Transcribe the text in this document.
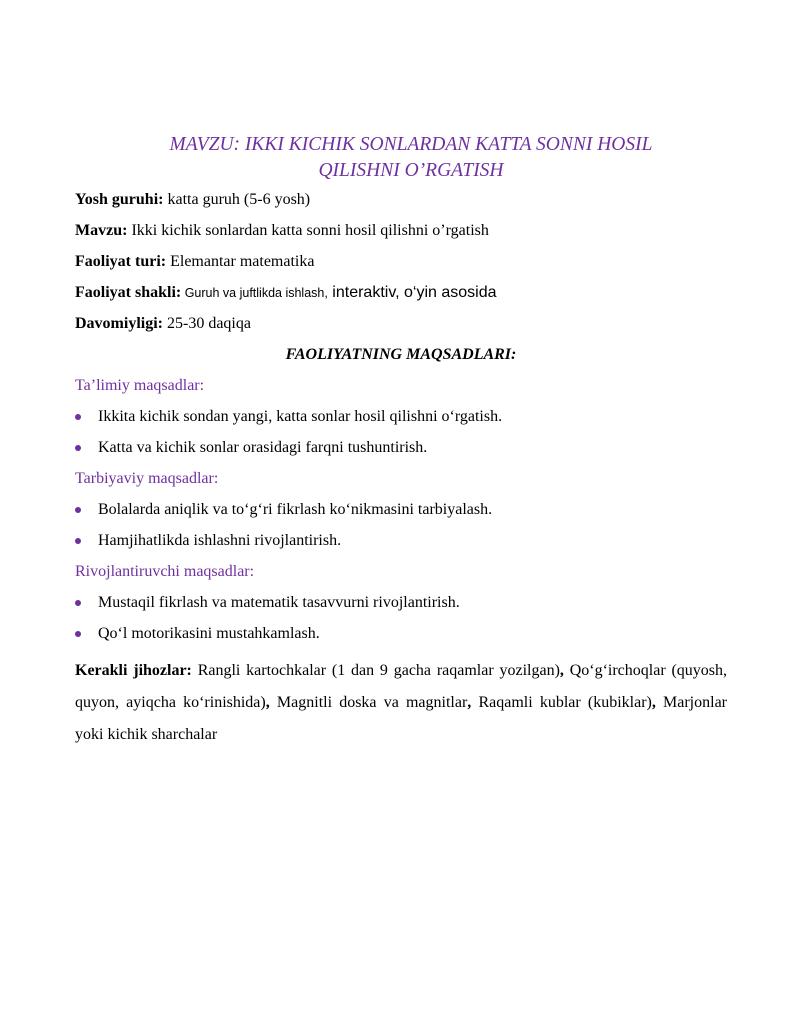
MAVZU: IKKI KICHIK SONLARDAN KATTA SONNI HOSIL
QILISHNI O’RGATISH

Yosh guruhi: katta guruh (5-6 yosh)

Mavzu: Ikki kichik sonlardan katta sonni hosil qilishni o’rgatish

Faoliyat turi: Elemantar matematika

Faoliyat shakli: Guruh va juftlikda ishlash, interaktiv, o‘yin asosida

Davomiyligi: 25-30 daqiqa

FAOLIYATNING MAQSADLARI:

Ta’limiy maqsadlar:

Ikkita kichik sondan yangi, katta sonlar hosil qilishni o‘rgatish.
Katta va kichik sonlar orasidagi farqni tushuntirish.

Tarbiyaviy maqsadlar:

Bolalarda aniqlik va to‘g‘ri fikrlash ko‘nikmasini tarbiyalash.
Hamjihatlikda ishlashni rivojlantirish.

Rivojlantiruvchi maqsadlar:

Mustaqil fikrlash va matematik tasavvurni rivojlantirish.
Qo‘l motorikasini mustahkamlash.

Kerakli jihozlar: Rangli kartochkalar (1 dan 9 gacha raqamlar yozilgan), Qo‘g‘irchoqlar (quyosh, quyon, ayiqcha ko‘rinishida), Magnitli doska va magnitlar, Raqamli kublar (kubiklar), Marjonlar yoki kichik sharchalar
